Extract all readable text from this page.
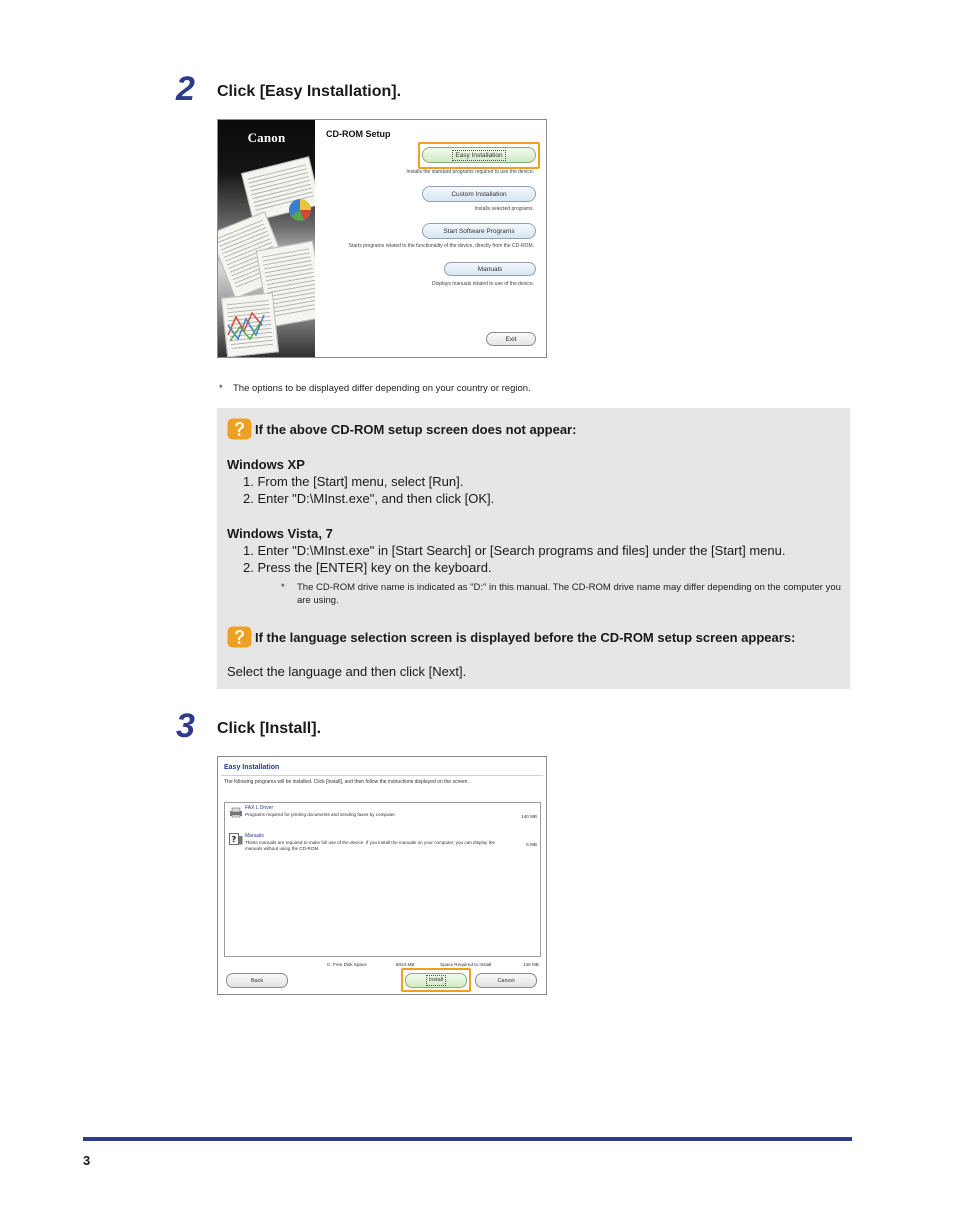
2 Click [Easy Installation].
Canon	CD-ROM Setup
Easy Installation
Installs the standard programs required to use the device.
Custom Installation
Installs selected programs.
Start Software Programs
Starts programs related to the functionality of the device, directly from the CD-ROM.
Manuals
Displays manuals related to use of the device.
Exit
* The options to be displayed differ depending on your country or region.
If the above CD-ROM setup screen does not appear:
Windows XP
1. From the [Start] menu, select [Run].
2. Enter "D:\MInst.exe", and then click [OK].
Windows Vista, 7
1. Enter "D:\MInst.exe" in [Start Search] or [Search programs and files] under the [Start] menu.
2. Press the [ENTER] key on the keyboard.
* The CD-ROM drive name is indicated as "D:" in this manual. The CD-ROM drive name may differ depending on the computer you are using.
If the language selection screen is displayed before the CD-ROM setup screen appears:
Select the language and then click [Next].
3 Click [Install].
Easy Installation
The following programs will be installed. Click [Install], and then follow the instructions displayed on the screen.
FAX L Driver
Programs required for printing documents and sending faxes by computer.	140 MB
? Manuals
These manuals are required to make full use of the device. If you install the manuals on your computer, you can display the manuals without using the CD-ROM.
6 MB
C: Free Disk Space	6024 MB	Space Required to Install	146 MB
Back	Install	Cancel
3
